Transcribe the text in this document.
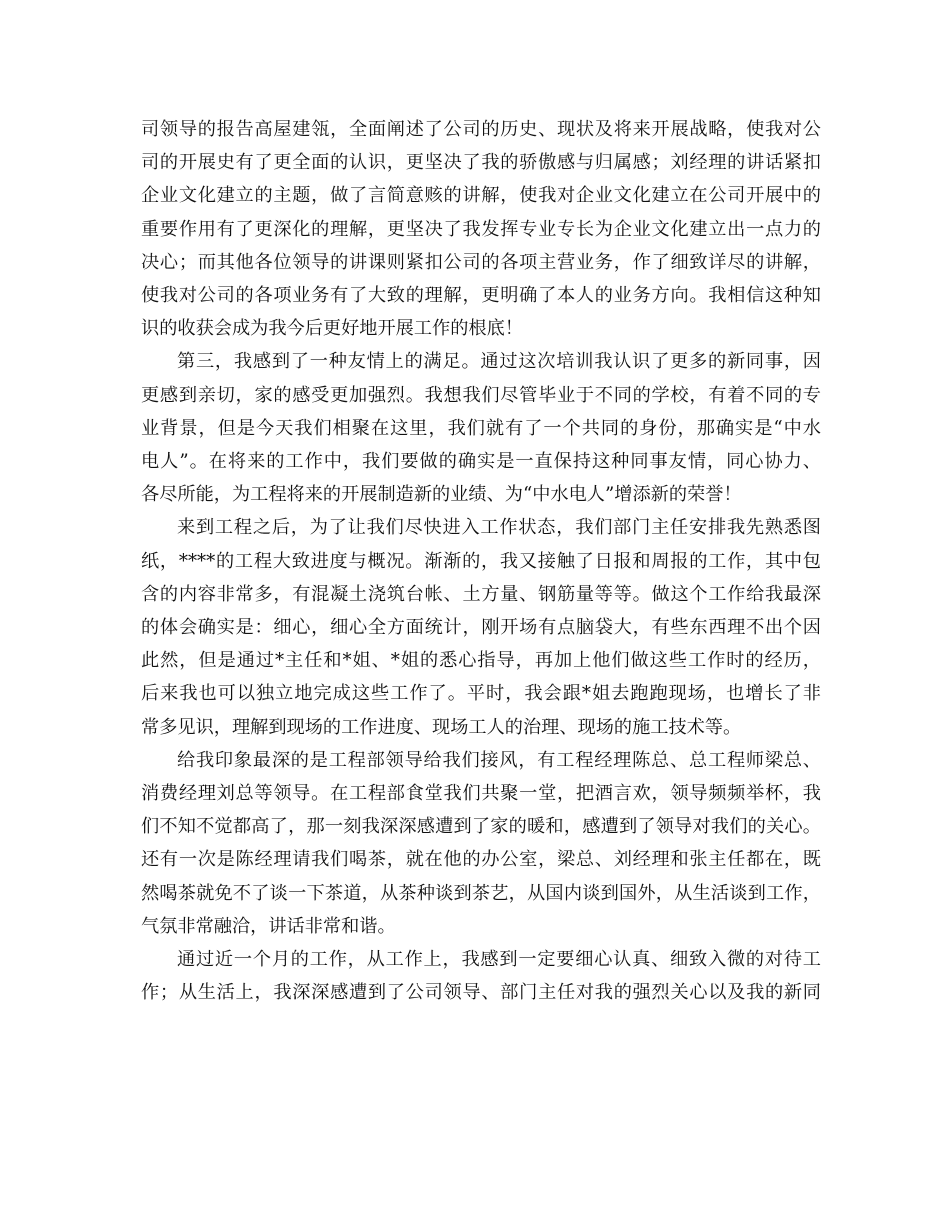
司领导的报告高屋建瓴，全面阐述了公司的历史、现状及将来开展战略，使我对公
司的开展史有了更全面的认识，更坚决了我的骄傲感与归属感；刘经理的讲话紧扣
企业文化建立的主题，做了言简意赅的讲解，使我对企业文化建立在公司开展中的
重要作用有了更深化的理解，更坚决了我发挥专业专长为企业文化建立出一点力的
决心；而其他各位领导的讲课则紧扣公司的各项主营业务，作了细致详尽的讲解，
使我对公司的各项业务有了大致的理解，更明确了本人的业务方向。我相信这种知
识的收获会成为我今后更好地开展工作的根底！
第三，我感到了一种友情上的满足。通过这次培训我认识了更多的新同事，因
更感到亲切，家的感受更加强烈。我想我们尽管毕业于不同的学校，有着不同的专
业背景，但是今天我们相聚在这里，我们就有了一个共同的身份，那确实是“中水
电人”。在将来的工作中，我们要做的确实是一直保持这种同事友情，同心协力、
各尽所能，为工程将来的开展制造新的业绩、为“中水电人”增添新的荣誉！
来到工程之后，为了让我们尽快进入工作状态，我们部门主任安排我先熟悉图
纸，****的工程大致进度与概况。渐渐的，我又接触了日报和周报的工作，其中包
含的内容非常多，有混凝土浇筑台帐、土方量、钢筋量等等。做这个工作给我最深
的体会确实是：细心，细心全方面统计，刚开场有点脑袋大，有些东西理不出个因
此然，但是通过*主任和*姐、*姐的悉心指导，再加上他们做这些工作时的经历，
后来我也可以独立地完成这些工作了。平时，我会跟*姐去跑跑现场，也增长了非
常多见识，理解到现场的工作进度、现场工人的治理、现场的施工技术等。
给我印象最深的是工程部领导给我们接风，有工程经理陈总、总工程师梁总、
消费经理刘总等领导。在工程部食堂我们共聚一堂，把酒言欢，领导频频举杯，我
们不知不觉都高了，那一刻我深深感遭到了家的暖和，感遭到了领导对我们的关心。
还有一次是陈经理请我们喝茶，就在他的办公室，梁总、刘经理和张主任都在，既
然喝茶就免不了谈一下茶道，从茶种谈到茶艺，从国内谈到国外，从生活谈到工作，
气氛非常融洽，讲话非常和谐。
通过近一个月的工作，从工作上，我感到一定要细心认真、细致入微的对待工
作；从生活上，我深深感遭到了公司领导、部门主任对我的强烈关心以及我的新同
